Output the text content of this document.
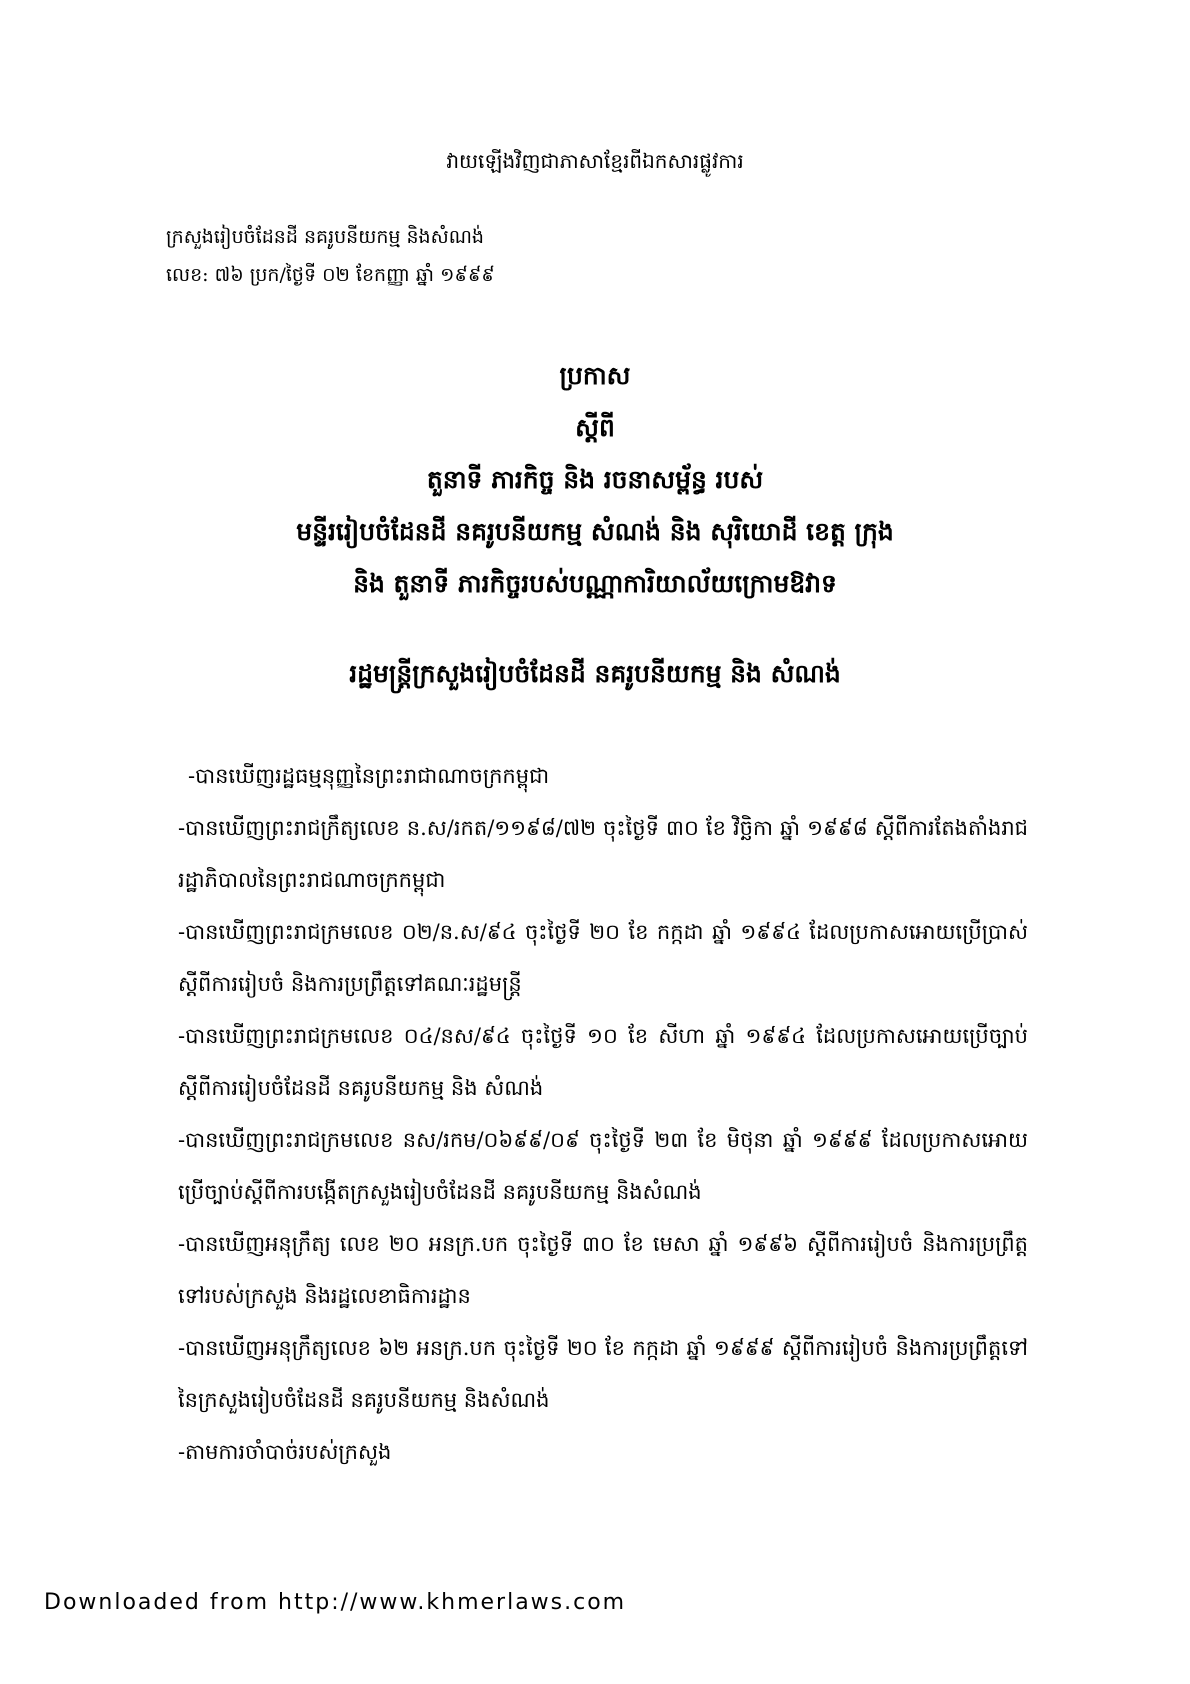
វាយឡើងវិញជាភាសាខ្មែរពីឯកសារផ្លូវការ
ក្រសួងរៀបចំដែនដី នគរូបនីយកម្ម និងសំណង់
លេខ: ៧៦ ប្រក/ថ្ងៃទី ០២ ខែកញ្ញា ឆ្នាំ ១៩៩៩
ប្រកាស
ស្តីពី
តួនាទី ភារកិច្ច និង រចនាសម្ព័ន្ធ របស់
មន្ទីររៀបចំដែនដី នគរូបនីយកម្ម សំណង់ និង សុរិយោដី ខេត្ត ក្រុង
និង តួនាទី ភារកិច្ចរបស់បណ្ណាការិយាល័យក្រោមឱវាទ
រដ្ឋមន្ត្រីក្រសួងរៀបចំដែនដី នគរូបនីយកម្ម និង សំណង់

-បានឃើញរដ្ឋធម្មនុញ្ញនៃព្រះរាជាណាចក្រកម្ពុជា

-បានឃើញព្រះរាជក្រឹត្យលេខ ន.ស/រកត/១១៩៨/៧២ ចុះថ្ងៃទី ៣០ ខែ វិច្ឆិកា ឆ្នាំ ១៩៩៨ ស្តីពីការតែងតាំងរាជរដ្ឋាភិបាលនៃព្រះរាជណាចក្រកម្ពុជា

-បានឃើញព្រះរាជក្រមលេខ ០២/ន.ស/៩៤ ចុះថ្ងៃទី ២០ ខែ កក្កដា ឆ្នាំ ១៩៩៤ ដែលប្រកាសអោយប្រើប្រាស់ ស្តីពីការរៀបចំ និងការប្រព្រឹត្តទៅគណៈរដ្ឋមន្ត្រី

-បានឃើញព្រះរាជក្រមលេខ ០៤/នស/៩៤ ចុះថ្ងៃទី ១០ ខែ សីហា ឆ្នាំ ១៩៩៤ ដែលប្រកាសអោយប្រើច្បាប់ ស្តីពីការរៀបចំដែនដី នគរូបនីយកម្ម និង សំណង់

-បានឃើញព្រះរាជក្រមលេខ នស/រកម/០៦៩៩/០៩ ចុះថ្ងៃទី ២៣ ខែ មិថុនា ឆ្នាំ ១៩៩៩ ដែលប្រកាសអោយប្រើច្បាប់ស្តីពីការបង្កើតក្រសួងរៀបចំដែនដី នគរូបនីយកម្ម និងសំណង់

-បានឃើញអនុក្រឹត្យ លេខ ២០ អនក្រ.បក ចុះថ្ងៃទី ៣០ ខែ មេសា ឆ្នាំ ១៩៩៦ ស្តីពីការរៀបចំ និងការប្រព្រឹត្តទៅរបស់ក្រសួង និងរដ្ឋលេខាធិការដ្ឋាន

-បានឃើញអនុក្រឹត្យលេខ ៦២ អនក្រ.បក ចុះថ្ងៃទី ២០ ខែ កក្កដា ឆ្នាំ ១៩៩៩ ស្តីពីការរៀបចំ និងការប្រព្រឹត្តទៅនៃក្រសួងរៀបចំដែនដី នគរូបនីយកម្ម និងសំណង់

-តាមការចាំបាច់របស់ក្រសួង

Downloaded from http://www.khmerlaws.com
